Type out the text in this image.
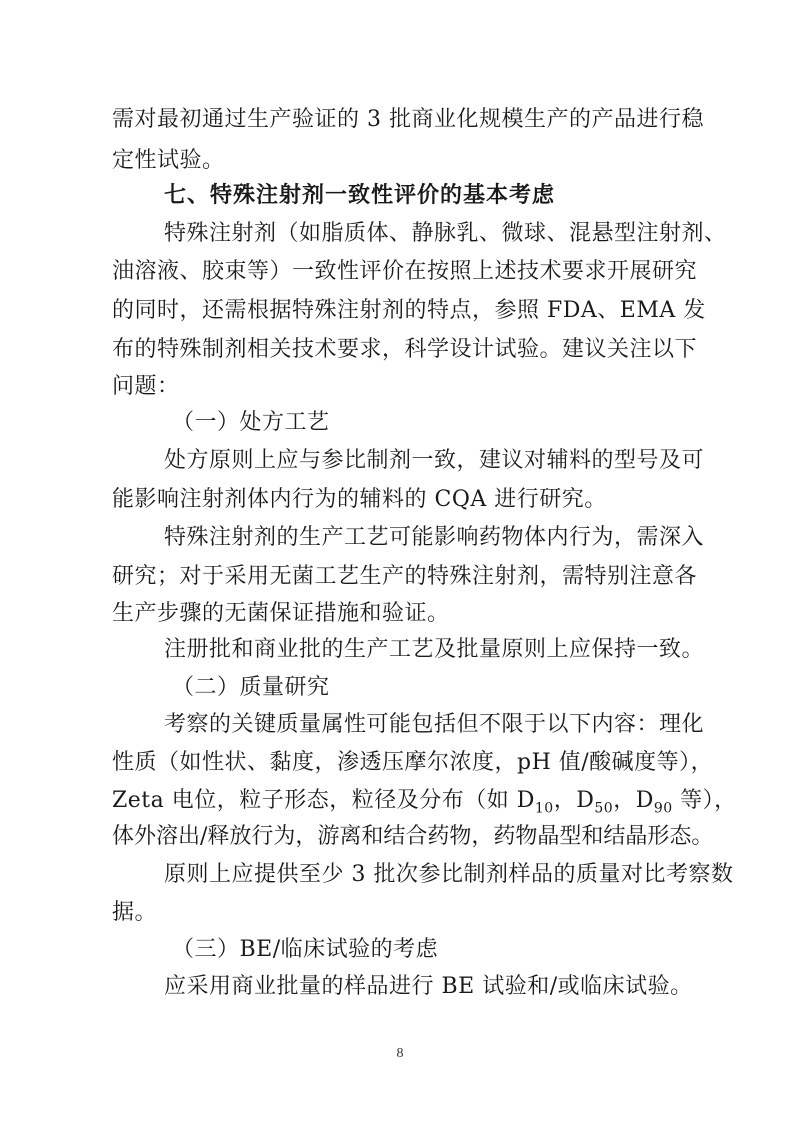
需对最初通过生产验证的 3 批商业化规模生产的产品进行稳
定性试验。
七、特殊注射剂一致性评价的基本考虑
特殊注射剂（如脂质体、静脉乳、微球、混悬型注射剂、
油溶液、胶束等）一致性评价在按照上述技术要求开展研究
的同时，还需根据特殊注射剂的特点，参照 FDA、EMA 发
布的特殊制剂相关技术要求，科学设计试验。建议关注以下
问题：
（一）处方工艺
处方原则上应与参比制剂一致，建议对辅料的型号及可
能影响注射剂体内行为的辅料的 CQA 进行研究。
特殊注射剂的生产工艺可能影响药物体内行为，需深入
研究；对于采用无菌工艺生产的特殊注射剂，需特别注意各
生产步骤的无菌保证措施和验证。
注册批和商业批的生产工艺及批量原则上应保持一致。
（二）质量研究
考察的关键质量属性可能包括但不限于以下内容：理化
性质（如性状、黏度，渗透压摩尔浓度，pH 值/酸碱度等），
Zeta 电位，粒子形态，粒径及分布（如 $D_{10}$，$D_{50}$，$D_{90}$ 等），
体外溶出/释放行为，游离和结合药物，药物晶型和结晶形态。
原则上应提供至少 3 批次参比制剂样品的质量对比考察数
据。
（三）BE/临床试验的考虑
应采用商业批量的样品进行 BE 试验和/或临床试验。
8
